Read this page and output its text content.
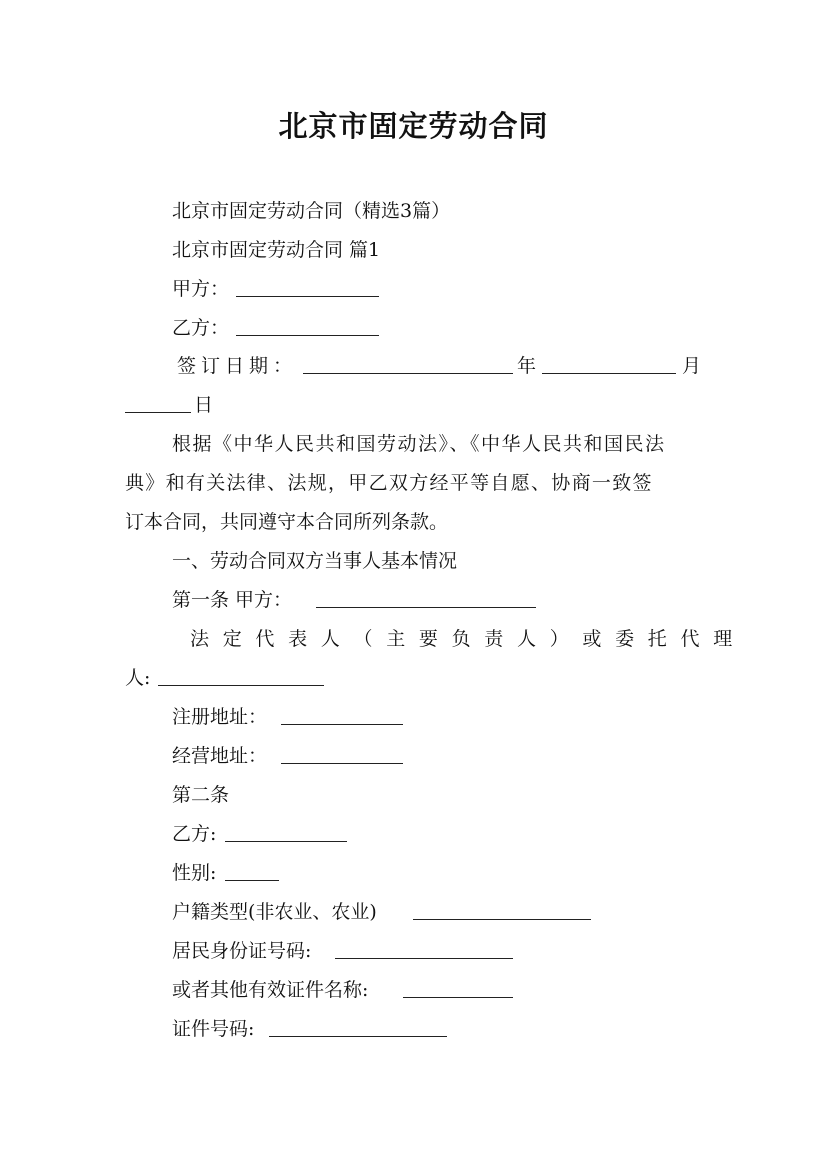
北京市固定劳动合同
北京市固定劳动合同（精选3篇）
北京市固定劳动合同 篇1
甲方：
乙方：
签订日期：	年	月
日
根据《中华人民共和国劳动法》、《中华人民共和国民法
典》和有关法律、法规，甲乙双方经平等自愿、协商一致签
订本合同，共同遵守本合同所列条款。
一、劳动合同双方当事人基本情况
第一条 甲方：
法定代表人（主要负责人）或委托代理
人:
注册地址：
经营地址：
第二条
乙方:
性别:
户籍类型(非农业、农业)
居民身份证号码:
或者其他有效证件名称:
证件号码:
